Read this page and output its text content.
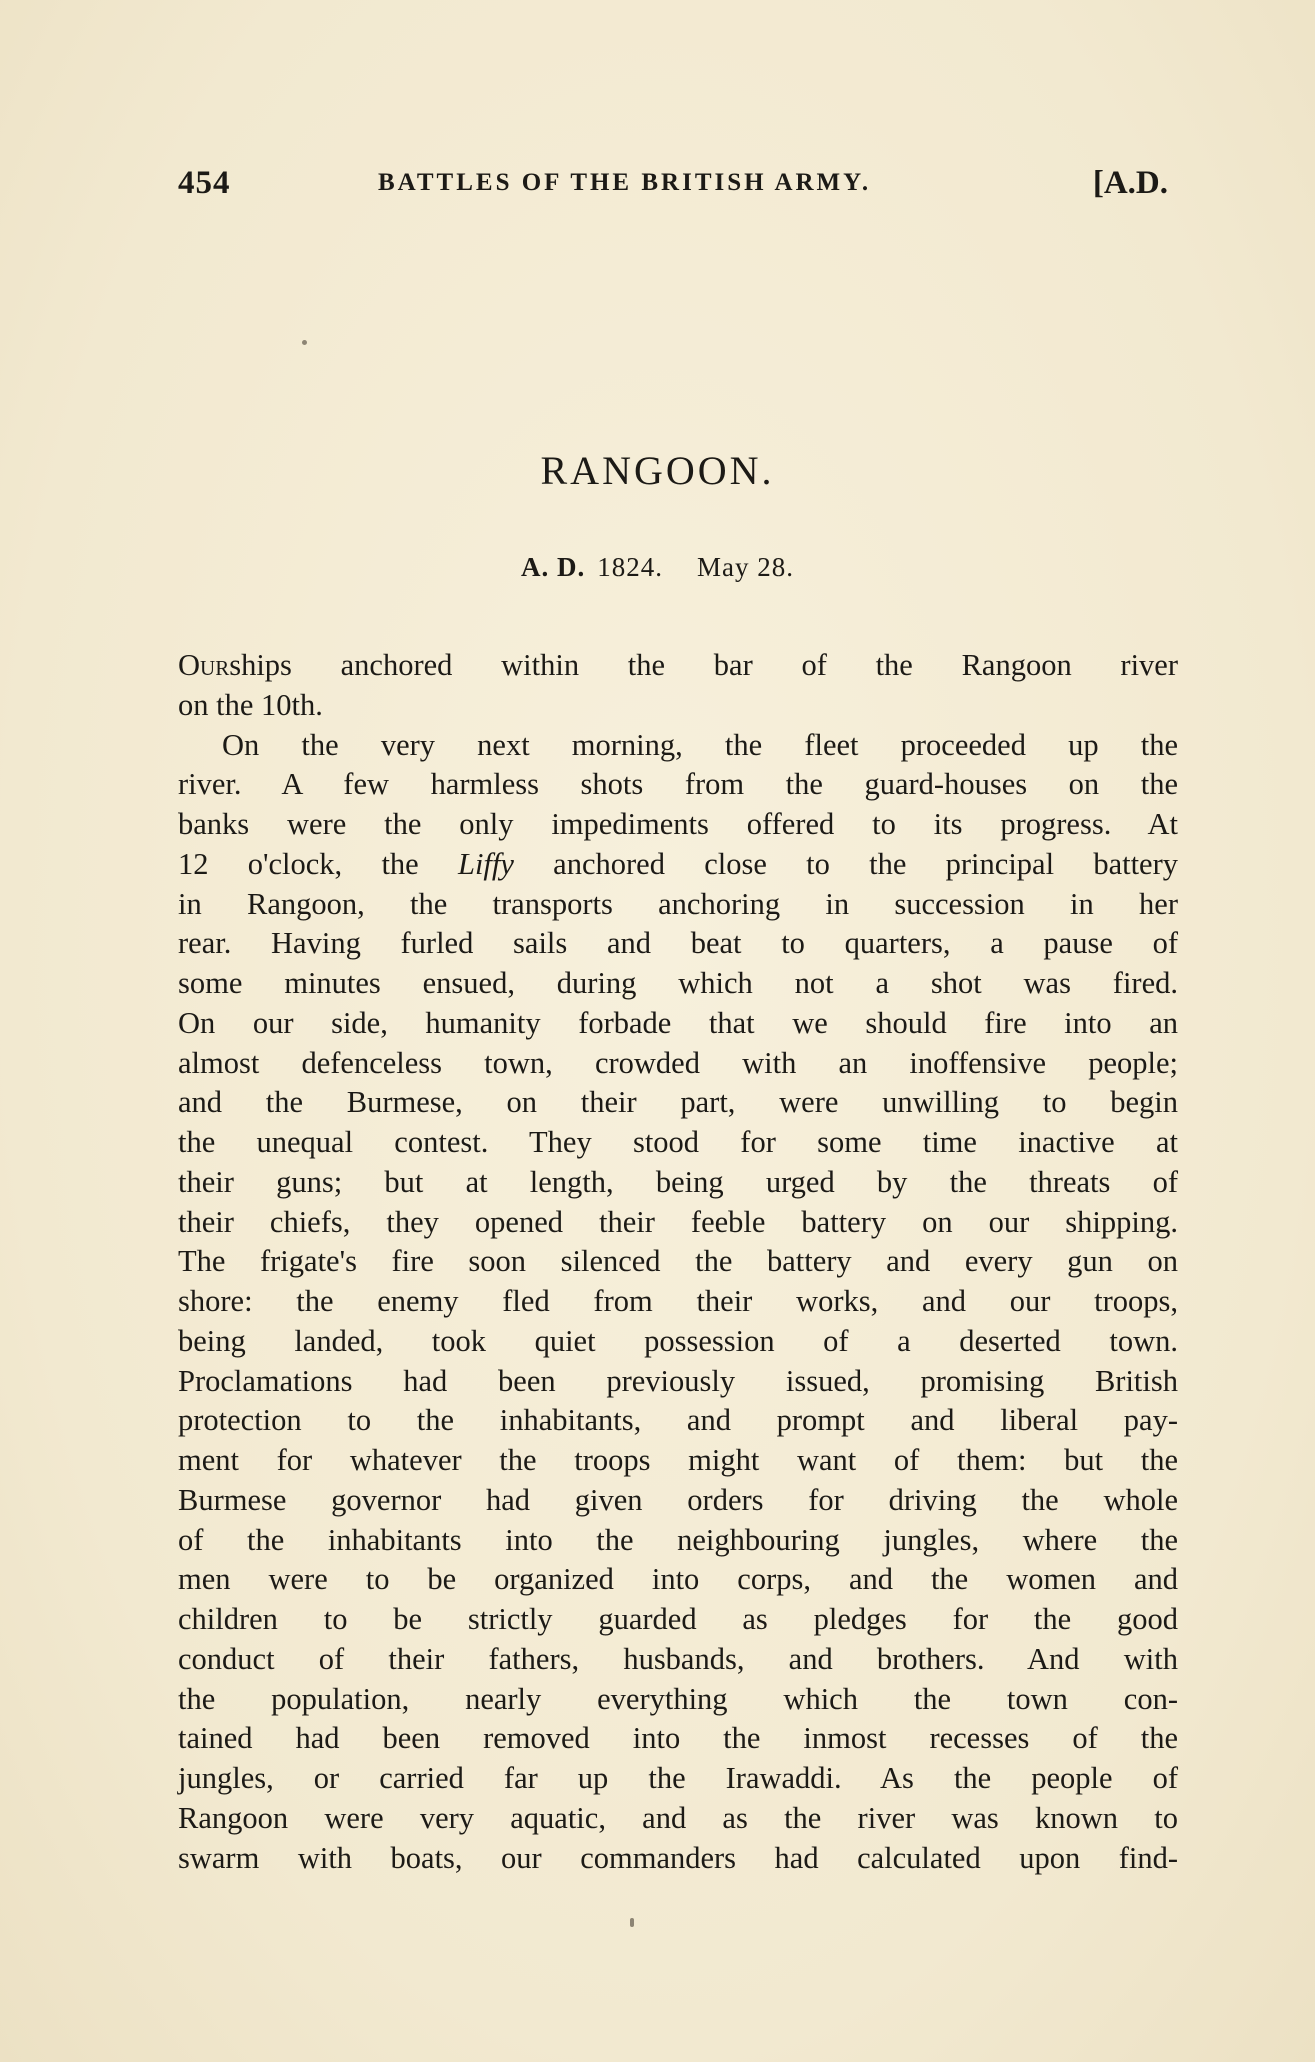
454	BATTLES OF THE BRITISH ARMY.	[A.D.
RANGOON.
A. D. 1824. May 28.
Our ships anchored within the bar of the Rangoon river
on the 10th.
On the very next morning, the fleet proceeded up the
river. A few harmless shots from the guard-houses on the
banks were the only impediments offered to its progress. At
12 o'clock, the Liffy anchored close to the principal battery
in Rangoon, the transports anchoring in succession in her
rear. Having furled sails and beat to quarters, a pause of
some minutes ensued, during which not a shot was fired.
On our side, humanity forbade that we should fire into an
almost defenceless town, crowded with an inoffensive people;
and the Burmese, on their part, were unwilling to begin
the unequal contest. They stood for some time inactive at
their guns; but at length, being urged by the threats of
their chiefs, they opened their feeble battery on our shipping.
The frigate's fire soon silenced the battery and every gun on
shore: the enemy fled from their works, and our troops,
being landed, took quiet possession of a deserted town.
Proclamations had been previously issued, promising British
protection to the inhabitants, and prompt and liberal pay-
ment for whatever the troops might want of them: but the
Burmese governor had given orders for driving the whole
of the inhabitants into the neighbouring jungles, where the
men were to be organized into corps, and the women and
children to be strictly guarded as pledges for the good
conduct of their fathers, husbands, and brothers. And with
the population, nearly everything which the town con-
tained had been removed into the inmost recesses of the
jungles, or carried far up the Irawaddi. As the people of
Rangoon were very aquatic, and as the river was known to
swarm with boats, our commanders had calculated upon find-
